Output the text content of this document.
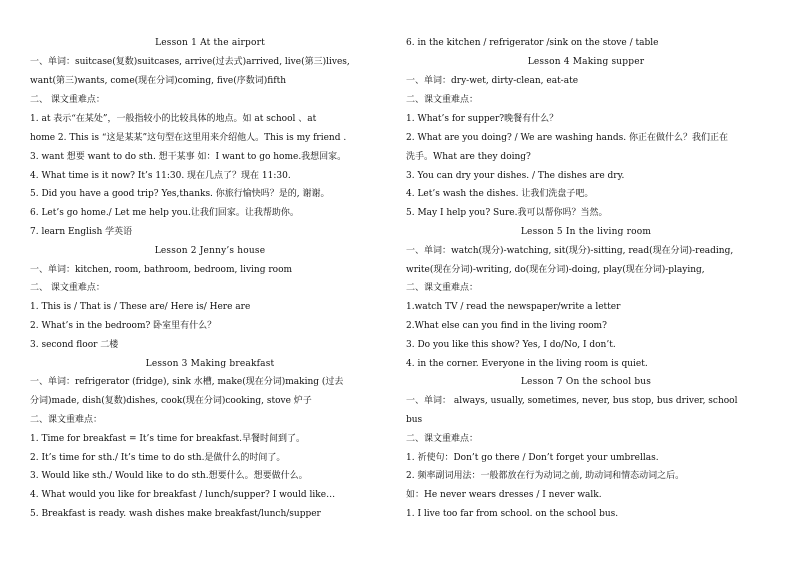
Lesson 1 At the airport
一、单词：suitcase(复数)suitcases, arrive(过去式)arrived, live(第三)lives,
want(第三)wants, come(现在分词)coming, five(序数词)fifth
二、 课文重难点：
1. at 表示“在某处”，一般指较小的比较具体的地点。如 at school 、at
home 2. This is “这是某某”这句型在这里用来介绍他人。This is my friend .
3. want 想要 want to do sth. 想干某事 如：I want to go home.我想回家。
4. What time is it now? It’s 11:30. 现在几点了？现在 11:30.
5. Did you have a good trip? Yes,thanks. 你旅行愉快吗？是的, 谢谢。
6. Let’s go home./ Let me help you.让我们回家。让我帮助你。
7. learn English 学英语
Lesson 2 Jenny’s house
一、单词：kitchen, room, bathroom, bedroom, living room
二、 课文重难点：
1. This is / That is / These are/ Here is/ Here are
2. What’s in the bedroom? 卧室里有什么？
3. second floor 二楼
Lesson 3 Making breakfast
一、单词：refrigerator (fridge), sink 水槽, make(现在分词)making (过去
分词)made, dish(复数)dishes, cook(现在分词)cooking, stove 炉子
二、课文重难点：
1. Time for breakfast = It’s time for breakfast.早餐时间到了。
2. It’s time for sth./ It’s time to do sth.是做什么的时间了。
3. Would like sth./ Would like to do sth.想要什么。想要做什么。
4. What would you like for breakfast / lunch/supper? I would like…
5. Breakfast is ready. wash dishes make breakfast/lunch/supper
6. in the kitchen / refrigerator /sink on the stove / table
Lesson 4 Making supper
一、单词：dry-wet, dirty-clean, eat-ate
二、课文重难点：
1. What’s for supper?晚餐有什么？
2. What are you doing? / We are washing hands. 你正在做什么？我们正在
洗手。What are they doing?
3. You can dry your dishes. / The dishes are dry.
4. Let’s wash the dishes. 让我们洗盘子吧。
5. May I help you? Sure.我可以帮你吗？当然。
Lesson 5 In the living room
一、单词：watch(现分)-watching, sit(现分)-sitting, read(现在分词)-reading,
write(现在分词)-writing, do(现在分词)-doing, play(现在分词)-playing,
二、课文重难点：
1.watch TV / read the newspaper/write a letter
2.What else can you find in the living room?
3. Do you like this show? Yes, I do/No, I don’t.
4. in the corner. Everyone in the living room is quiet.
Lesson 7 On the school bus
一、单词： always, usually, sometimes, never, bus stop, bus driver, school
bus
二、课文重难点：
1. 祈使句：Don’t go there / Don’t forget your umbrellas.
2. 频率副词用法：一般都放在行为动词之前, 助动词和情态动词之后。
如：He never wears dresses / I never walk.
1. I live too far from school. on the school bus.
